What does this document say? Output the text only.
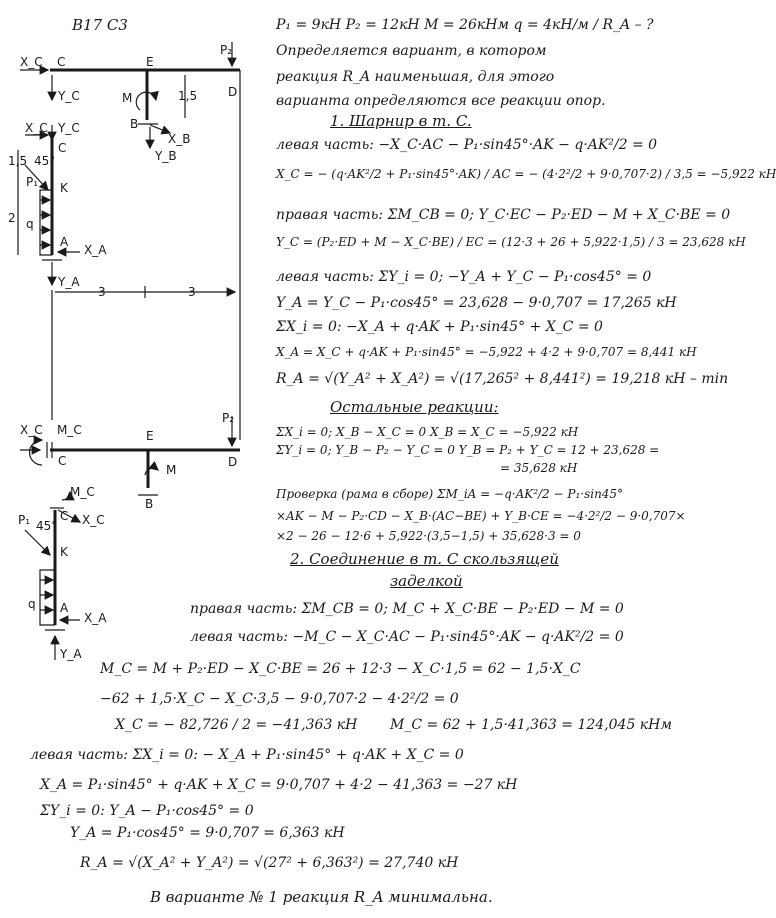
X_C C	E
D
P₂
Y_C	M
B
X_B
Y_B
1,5
X_C Y_C
C
45°
P₁ K
1,5
2 q
A
X_A
Y_A
3	3
X_C M_C
C
E
D
P₂
M
B
M_C
X_C
C
P₁ 45°
K
q A
X_A
Y_A
B17 C3	P₁ = 9кН P₂ = 12кН M = 26кНм q = 4кН/м / R_A – ?
Определяется вариант, в котором
реакция R_A наименьшая, для этого
варианта определяются все реакции опор.
1. Шарнир в т. C.
левая часть: −X_C·AC − P₁·sin45°·AK − q·AK²/2 = 0
X_C = − (q·AK²/2 + P₁·sin45°·AK) / AC = − (4·2²/2 + 9·0,707·2) / 3,5 = −5,922 кН
правая часть: ΣM_CB = 0; Y_C·EC − P₂·ED − M + X_C·BE = 0
Y_C = (P₂·ED + M − X_C·BE) / EC = (12·3 + 26 + 5,922·1,5) / 3 = 23,628 кН
левая часть: ΣY_i = 0; −Y_A + Y_C − P₁·cos45° = 0
Y_A = Y_C − P₁·cos45° = 23,628 − 9·0,707 = 17,265 кН
ΣX_i = 0: −X_A + q·AK + P₁·sin45° + X_C = 0
X_A = X_C + q·AK + P₁·sin45° = −5,922 + 4·2 + 9·0,707 = 8,441 кН
R_A = √(Y_A² + X_A²) = √(17,265² + 8,441²) = 19,218 кН – min
Остальные реакции:
ΣX_i = 0; X_B − X_C = 0 X_B = X_C = −5,922 кН
ΣY_i = 0; Y_B − P₂ − Y_C = 0 Y_B = P₂ + Y_C = 12 + 23,628 =
= 35,628 кН
Проверка (рама в сборе) ΣM_iA = −q·AK²/2 − P₁·sin45°
×AK − M − P₂·CD − X_B·(AC−BE) + Y_B·CE = −4·2²/2 − 9·0,707×
×2 − 26 − 12·6 + 5,922·(3,5−1,5) + 35,628·3 = 0
2. Соединение в т. C скользящей
заделкой
правая часть: ΣM_CB = 0; M_C + X_C·BE − P₂·ED − M = 0
левая часть: −M_C − X_C·AC − P₁·sin45°·AK − q·AK²/2 = 0
M_C = M + P₂·ED − X_C·BE = 26 + 12·3 − X_C·1,5 = 62 − 1,5·X_C
−62 + 1,5·X_C − X_C·3,5 − 9·0,707·2 − 4·2²/2 = 0
X_C = − 82,726 / 2 = −41,363 кН M_C = 62 + 1,5·41,363 = 124,045 кНм
левая часть: ΣX_i = 0: − X_A + P₁·sin45° + q·AK + X_C = 0
X_A = P₁·sin45° + q·AK + X_C = 9·0,707 + 4·2 − 41,363 = −27 кН
ΣY_i = 0: Y_A − P₁·cos45° = 0
Y_A = P₁·cos45° = 9·0,707 = 6,363 кН
R_A = √(X_A² + Y_A²) = √(27² + 6,363²) = 27,740 кН
В варианте № 1 реакция R_A минимальна.
